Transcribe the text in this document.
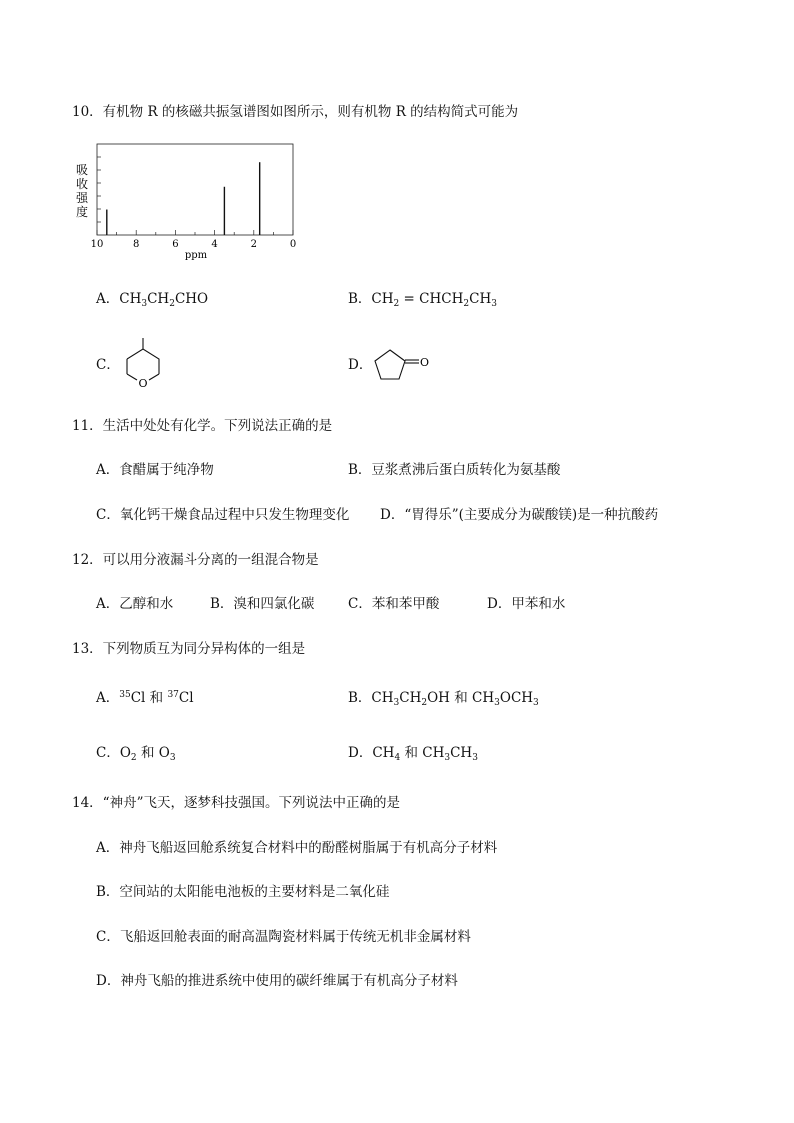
10．有机物 R 的核磁共振氢谱图如图所示，则有机物 R 的结构简式可能为
吸
收
强
度
10	8	6	4	2	0
ppm
A．$CH_3CH_2CHO$	B．$CH_2$ = $CHCH_2CH_3$
C．
O
D．	O
11．生活中处处有化学。下列说法正确的是
A．食醋属于纯净物	B．豆浆煮沸后蛋白质转化为氨基酸
C．氧化钙干燥食品过程中只发生物理变化 D．“胃得乐”(主要成分为碳酸镁)是一种抗酸药
12．可以用分液漏斗分离的一组混合物是
A．乙醇和水	B．溴和四氯化碳 C．苯和苯甲酸	D．甲苯和水
13．下列物质互为同分异构体的一组是
A．$^{35}$Cl 和 $^{37}$Cl	B．$CH_3CH_2OH$ 和 $CH_3OCH_3$
C．$O_2$ 和 $O_3$	D．$CH_4$ 和 $CH_3CH_3$
14．“神舟”飞天，逐梦科技强国。下列说法中正确的是
A．神舟飞船返回舱系统复合材料中的酚醛树脂属于有机高分子材料
B．空间站的太阳能电池板的主要材料是二氧化硅
C．飞船返回舱表面的耐高温陶瓷材料属于传统无机非金属材料
D．神舟飞船的推进系统中使用的碳纤维属于有机高分子材料
